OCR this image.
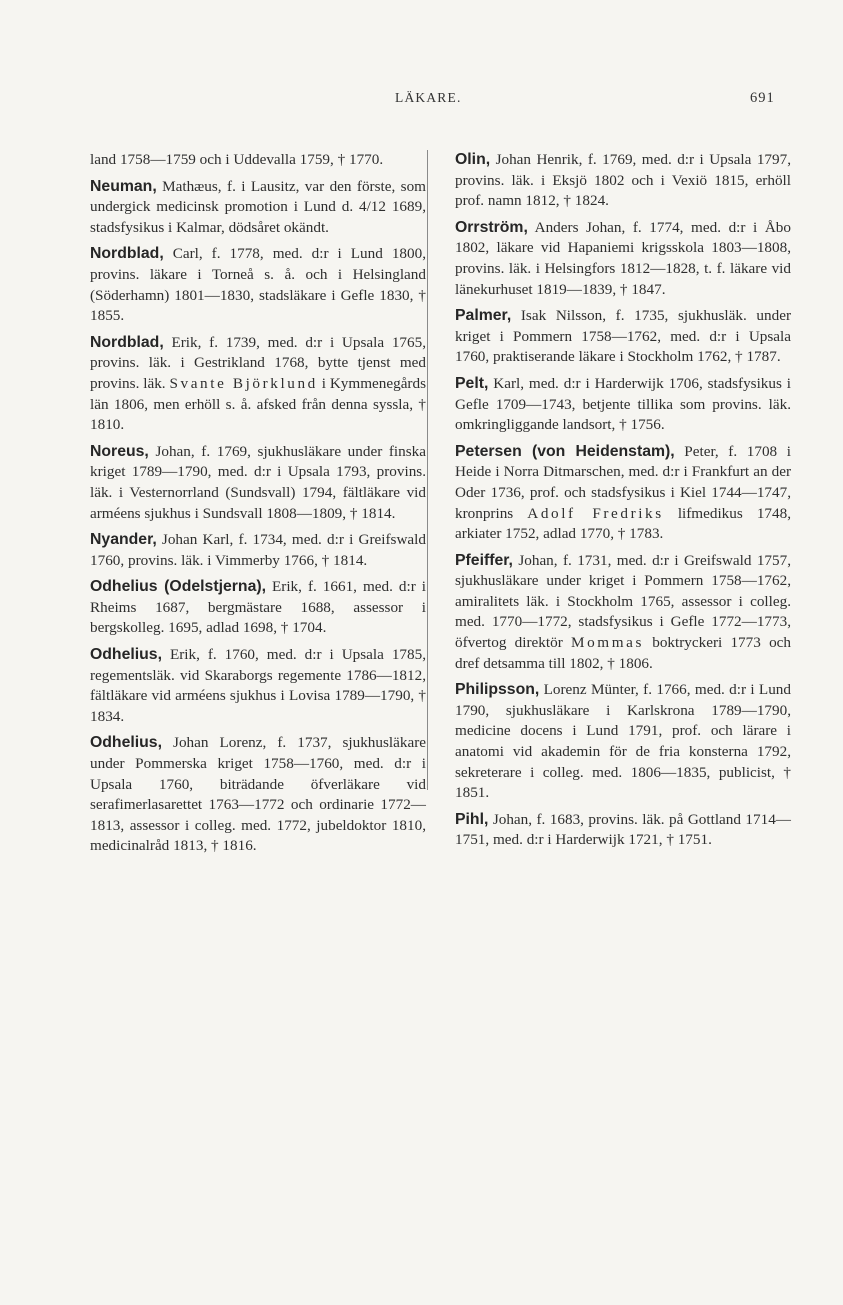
LÄKARE.	691

land 1758—1759 och i Uddevalla 1759, † 1770.

Neuman, Mathæus, f. i Lausitz, var den förste, som undergick medicinsk promotion i Lund d. 4/12 1689, stadsfysikus i Kalmar, dödsåret okändt.

Nordblad, Carl, f. 1778, med. d:r i Lund 1800, provins. läkare i Torneå s. å. och i Helsingland (Söderhamn) 1801—1830, stadsläkare i Gefle 1830, † 1855.

Nordblad, Erik, f. 1739, med. d:r i Upsala 1765, provins. läk. i Gestrikland 1768, bytte tjenst med provins. läk. Svante Björklund i Kymmenegårds län 1806, men erhöll s. å. afsked från denna syssla, † 1810.

Noreus, Johan, f. 1769, sjukhusläkare under finska kriget 1789—1790, med. d:r i Upsala 1793, provins. läk. i Vesternorrland (Sundsvall) 1794, fältläkare vid arméens sjukhus i Sundsvall 1808—1809, † 1814.

Nyander, Johan Karl, f. 1734, med. d:r i Greifswald 1760, provins. läk. i Vimmerby 1766, † 1814.

Odhelius (Odelstjerna), Erik, f. 1661, med. d:r i Rheims 1687, bergmästare 1688, assessor i bergskolleg. 1695, adlad 1698, † 1704.

Odhelius, Erik, f. 1760, med. d:r i Upsala 1785, regementsläk. vid Skaraborgs regemente 1786—1812, fältläkare vid arméens sjukhus i Lovisa 1789—1790, † 1834.

Odhelius, Johan Lorenz, f. 1737, sjukhusläkare under Pommerska kriget 1758—1760, med. d:r i Upsala 1760, biträdande öfverläkare vid serafimerlasarettet 1763—1772 och ordinarie 1772—1813, assessor i colleg. med. 1772, jubeldoktor 1810, medicinalråd 1813, † 1816.

Olin, Johan Henrik, f. 1769, med. d:r i Upsala 1797, provins. läk. i Eksjö 1802 och i Vexiö 1815, erhöll prof. namn 1812, † 1824.

Orrström, Anders Johan, f. 1774, med. d:r i Åbo 1802, läkare vid Hapaniemi krigsskola 1803—1808, provins. läk. i Helsingfors 1812—1828, t. f. läkare vid länekurhuset 1819—1839, † 1847.

Palmer, Isak Nilsson, f. 1735, sjukhusläk. under kriget i Pommern 1758—1762, med. d:r i Upsala 1760, praktiserande läkare i Stockholm 1762, † 1787.

Pelt, Karl, med. d:r i Harderwijk 1706, stadsfysikus i Gefle 1709—1743, betjente tillika som provins. läk. omkringliggande landsort, † 1756.

Petersen (von Heidenstam), Peter, f. 1708 i Heide i Norra Ditmarschen, med. d:r i Frankfurt an der Oder 1736, prof. och stadsfysikus i Kiel 1744—1747, kronprins Adolf Fredriks lifmedikus 1748, arkiater 1752, adlad 1770, † 1783.

Pfeiffer, Johan, f. 1731, med. d:r i Greifswald 1757, sjukhusläkare under kriget i Pommern 1758—1762, amiralitets läk. i Stockholm 1765, assessor i colleg. med. 1770—1772, stadsfysikus i Gefle 1772—1773, öfvertog direktör Mommas boktryckeri 1773 och dref detsamma till 1802, † 1806.

Philipsson, Lorenz Münter, f. 1766, med. d:r i Lund 1790, sjukhusläkare i Karlskrona 1789—1790, medicine docens i Lund 1791, prof. och lärare i anatomi vid akademin för de fria konsterna 1792, sekreterare i colleg. med. 1806—1835, publicist, † 1851.

Pihl, Johan, f. 1683, provins. läk. på Gottland 1714—1751, med. d:r i Harderwijk 1721, † 1751.
